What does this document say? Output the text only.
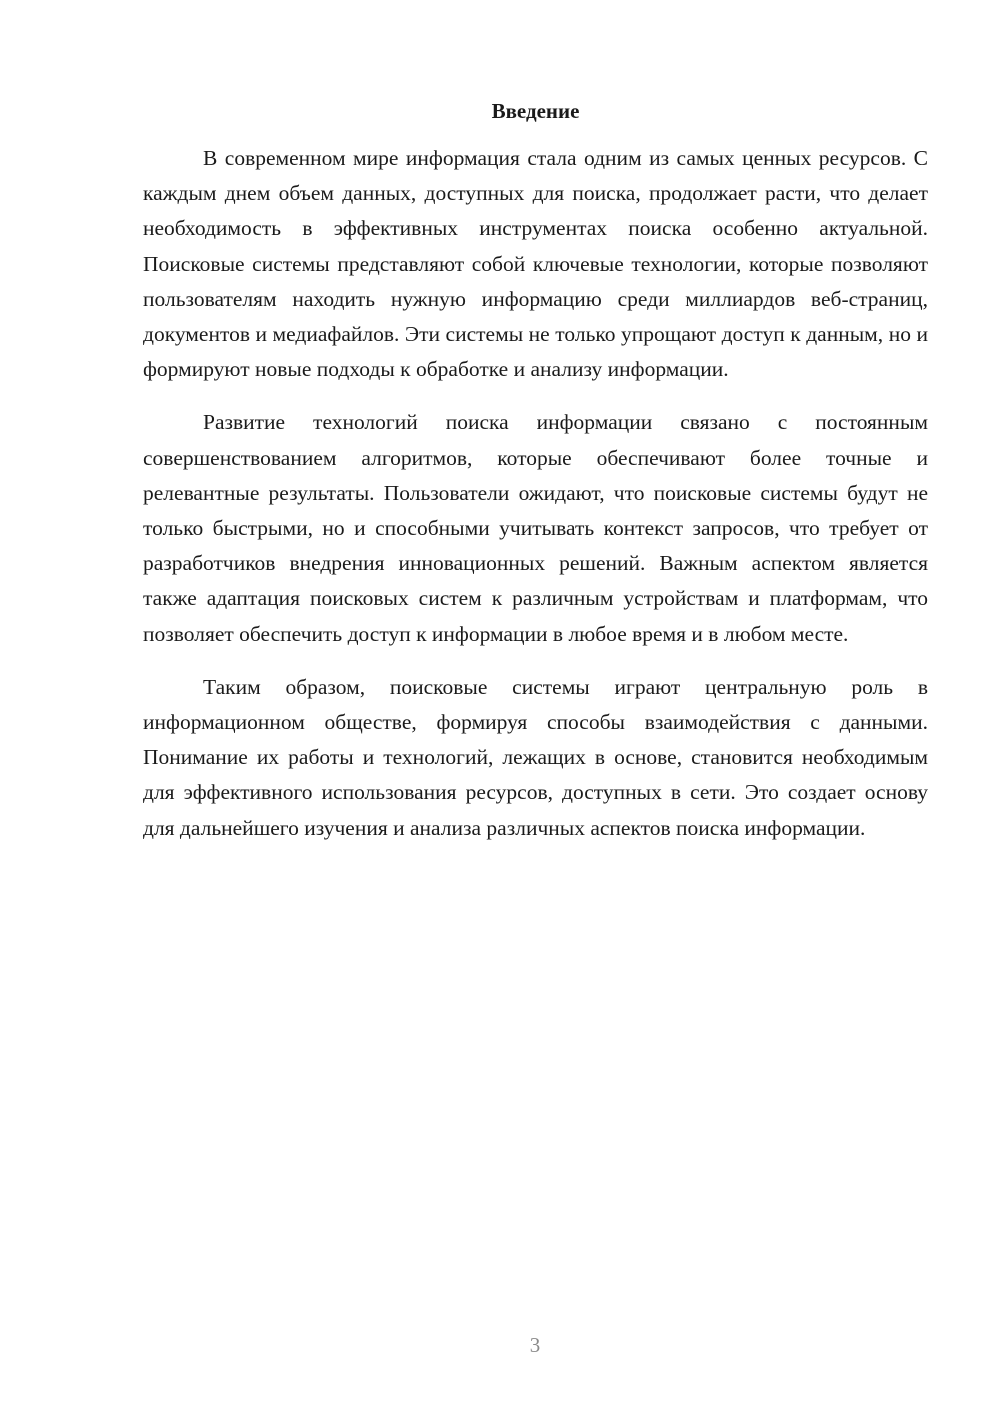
Введение

В современном мире информация стала одним из самых ценных ресурсов. С каждым днем объем данных, доступных для поиска, продолжает расти, что делает необходимость в эффективных инструментах поиска особенно актуальной. Поисковые системы представляют собой ключевые технологии, которые позволяют пользователям находить нужную информацию среди миллиардов веб-страниц, документов и медиафайлов. Эти системы не только упрощают доступ к данным, но и формируют новые подходы к обработке и анализу информации.

Развитие технологий поиска информации связано с постоянным совершенствованием алгоритмов, которые обеспечивают более точные и релевантные результаты. Пользователи ожидают, что поисковые системы будут не только быстрыми, но и способными учитывать контекст запросов, что требует от разработчиков внедрения инновационных решений. Важным аспектом является также адаптация поисковых систем к различным устройствам и платформам, что позволяет обеспечить доступ к информации в любое время и в любом месте.

Таким образом, поисковые системы играют центральную роль в информационном обществе, формируя способы взаимодействия с данными. Понимание их работы и технологий, лежащих в основе, становится необходимым для эффективного использования ресурсов, доступных в сети. Это создает основу для дальнейшего изучения и анализа различных аспектов поиска информации.

3
